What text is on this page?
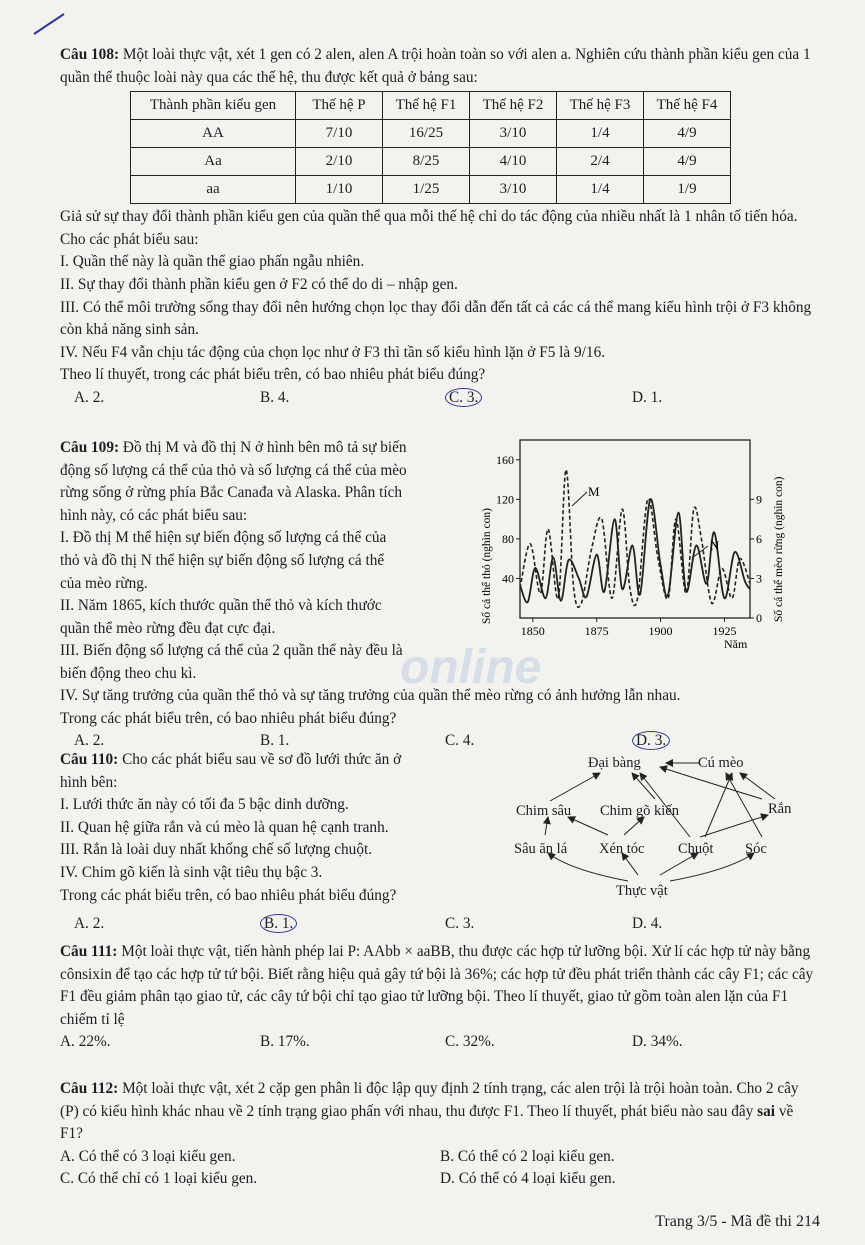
Câu 108: Một loài thực vật, xét 1 gen có 2 alen, alen A trội hoàn toàn so với alen a. Nghiên cứu thành phần kiểu gen của 1 quần thể thuộc loài này qua các thế hệ, thu được kết quả ở bảng sau:

Thành phần kiểu gen	Thế hệ P	Thế hệ F1	Thế hệ F2	Thế hệ F3	Thế hệ F4
AA	7/10	16/25	3/10	1/4	4/9
Aa	2/10	8/25	4/10	2/4	4/9
aa	1/10	1/25	3/10	1/4	1/9

Giả sử sự thay đổi thành phần kiểu gen của quần thể qua mỗi thế hệ chỉ do tác động của nhiều nhất là 1 nhân tố tiến hóa. Cho các phát biểu sau:

I. Quần thể này là quần thể giao phấn ngẫu nhiên.

II. Sự thay đổi thành phần kiểu gen ở F2 có thể do di – nhập gen.

III. Có thể môi trường sống thay đổi nên hướng chọn lọc thay đổi dẫn đến tất cả các cá thể mang kiểu hình trội ở F3 không còn khả năng sinh sản.

IV. Nếu F4 vẫn chịu tác động của chọn lọc như ở F3 thì tần số kiểu hình lặn ở F5 là 9/16.

Theo lí thuyết, trong các phát biểu trên, có bao nhiêu phát biểu đúng?

A. 2.	B. 4.	C. 3.	D. 1.

Câu 109: Đồ thị M và đồ thị N ở hình bên mô tả sự biến

động số lượng cá thể của thỏ và số lượng cá thể của mèo

rừng sống ở rừng phía Bắc Canađa và Alaska. Phân tích

hình này, có các phát biểu sau:

I. Đồ thị M thể hiện sự biến động số lượng cá thể của

thỏ và đồ thị N thể hiện sự biến động số lượng cá thể

của mèo rừng.

II. Năm 1865, kích thước quần thể thỏ và kích thước

quần thể mèo rừng đều đạt cực đại.

III. Biến động số lượng cá thể của 2 quần thể này đều là

biến động theo chu kì.

IV. Sự tăng trưởng của quần thể thỏ và sự tăng trưởng của quần thể mèo rừng có ảnh hưởng lẫn nhau.

Trong các phát biểu trên, có bao nhiêu phát biểu đúng?

A. 2.	B. 1.	C. 4.	D. 3.
40
80
120
160
0
3
6
9
1850	1875	1900	1925
M
N
Năm
Số cá thể thỏ (nghìn con)	Số cá thể mèo rừng (nghìn con)

Câu 110: Cho các phát biểu sau về sơ đồ lưới thức ăn ở

hình bên:

I. Lưới thức ăn này có tối đa 5 bậc dinh dưỡng.

II. Quan hệ giữa rắn và cú mèo là quan hệ cạnh tranh.

III. Rắn là loài duy nhất khống chế số lượng chuột.

IV. Chim gõ kiến là sinh vật tiêu thụ bậc 3.

Trong các phát biểu trên, có bao nhiêu phát biểu đúng?

A. 2.	B. 1.	C. 3.	D. 4.
Đại bàng	Cú mèo
Chim sâu Chim gõ kiến	Rắn
Sâu ăn lá Xén tóc Chuột Sóc
Thực vật

Câu 111: Một loài thực vật, tiến hành phép lai P: AAbb × aaBB, thu được các hợp tử lưỡng bội. Xử lí các hợp tử này bằng cônsixin để tạo các hợp tử tứ bội. Biết rằng hiệu quả gây tứ bội là 36%; các hợp tử đều phát triển thành các cây F1; các cây F1 đều giảm phân tạo giao tử, các cây tứ bội chỉ tạo giao tử lưỡng bội. Theo lí thuyết, giao tử gồm toàn alen lặn của F1 chiếm tỉ lệ

A. 22%.	B. 17%.	C. 32%.	D. 34%.

Câu 112: Một loài thực vật, xét 2 cặp gen phân li độc lập quy định 2 tính trạng, các alen trội là trội hoàn toàn. Cho 2 cây (P) có kiểu hình khác nhau về 2 tính trạng giao phấn với nhau, thu được F1. Theo lí thuyết, phát biểu nào sau đây sai về F1?

A. Có thể có 3 loại kiểu gen.	B. Có thể có 2 loại kiểu gen.
C. Có thể chỉ có 1 loại kiểu gen.	D. Có thể có 4 loại kiểu gen.
online
Trang 3/5 - Mã đề thi 214
